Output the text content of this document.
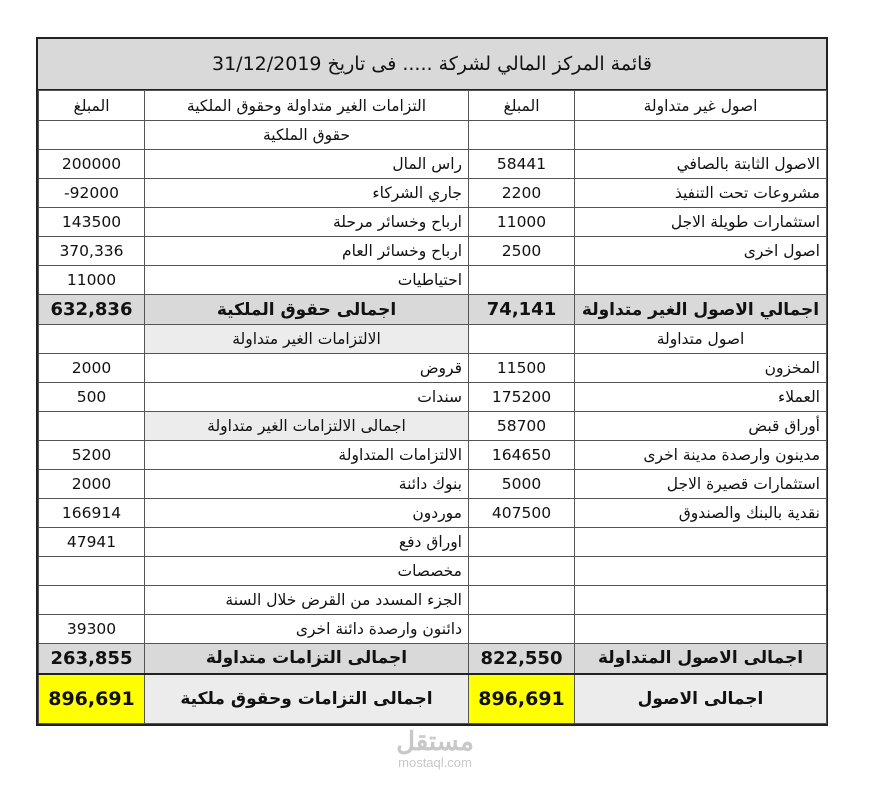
قائمة المركز المالي لشركة ..... فى تاريخ 31/12/2019
المبلغ	التزامات الغير متداولة وحقوق الملكية	المبلغ	اصول غير متداولة
	حقوق الملكية		
200000	راس المال	58441	الاصول الثابتة بالصافي
-92000	جاري الشركاء	2200	مشروعات تحت التنفيذ
143500	ارباح وخسائر مرحلة	11000	استثمارات طويلة الاجل
370,336	ارباح وخسائر العام	2500	اصول اخرى
11000	احتياطيات		
632,836	اجمالى حقوق الملكية	74,141	اجمالي الاصول الغير متداولة
	الالتزامات الغير متداولة		اصول متداولة
2000	قروض	11500	المخزون
500	سندات	175200	العملاء
	اجمالى الالتزامات الغير متداولة	58700	أوراق قبض
5200	الالتزامات المتداولة	164650	مدينون وارصدة مدينة اخرى
2000	بنوك دائنة	5000	استثمارات قصيرة الاجل
166914	موردون	407500	نقدية بالبنك والصندوق
47941	اوراق دفع		
	مخصصات		
	الجزء المسدد من القرض خلال السنة		
39300	دائنون وارصدة دائنة اخرى		
263,855	اجمالى التزامات متداولة	822,550	اجمالى الاصول المتداولة
896,691	اجمالى التزامات وحقوق ملكية	896,691	اجمالى الاصول
مستقل
mostaql.com
